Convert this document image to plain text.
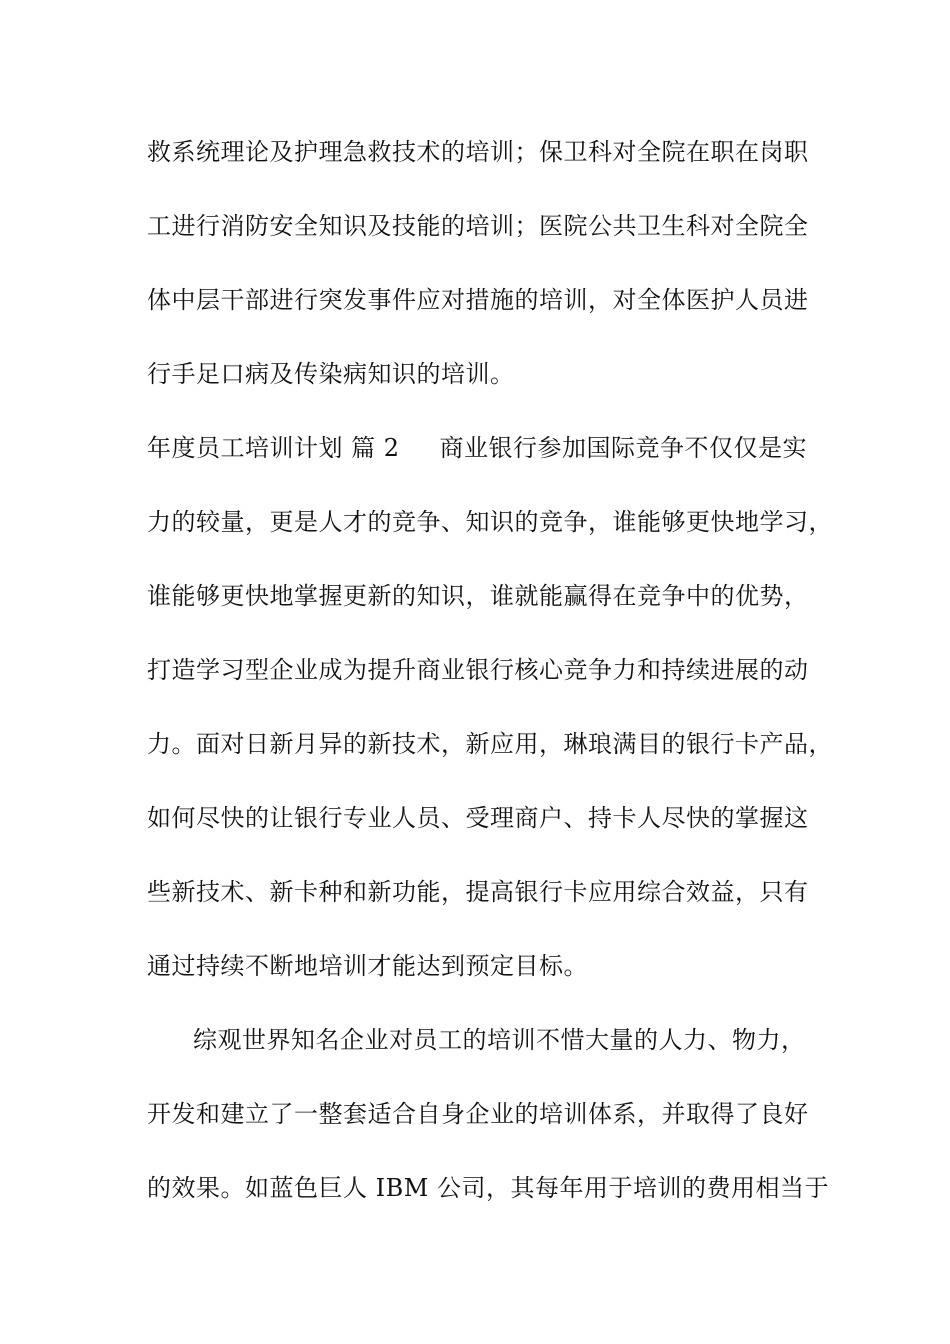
救系统理论及护理急救技术的培训；保卫科对全院在职在岗职
工进行消防安全知识及技能的培训；医院公共卫生科对全院全
体中层干部进行突发事件应对措施的培训，对全体医护人员进
行手足口病及传染病知识的培训。
年度员工培训计划 篇 2 商业银行参加国际竞争不仅仅是实
力的较量，更是人才的竞争、知识的竞争，谁能够更快地学习，
谁能够更快地掌握更新的知识，谁就能赢得在竞争中的优势，
打造学习型企业成为提升商业银行核心竞争力和持续进展的动
力。面对日新月异的新技术，新应用，琳琅满目的银行卡产品，
如何尽快的让银行专业人员、受理商户、持卡人尽快的掌握这
些新技术、新卡种和新功能，提高银行卡应用综合效益，只有
通过持续不断地培训才能达到预定目标。
综观世界知名企业对员工的培训不惜大量的人力、物力，
开发和建立了一整套适合自身企业的培训体系，并取得了良好
的效果。如蓝色巨人 IBM 公司，其每年用于培训的费用相当于
